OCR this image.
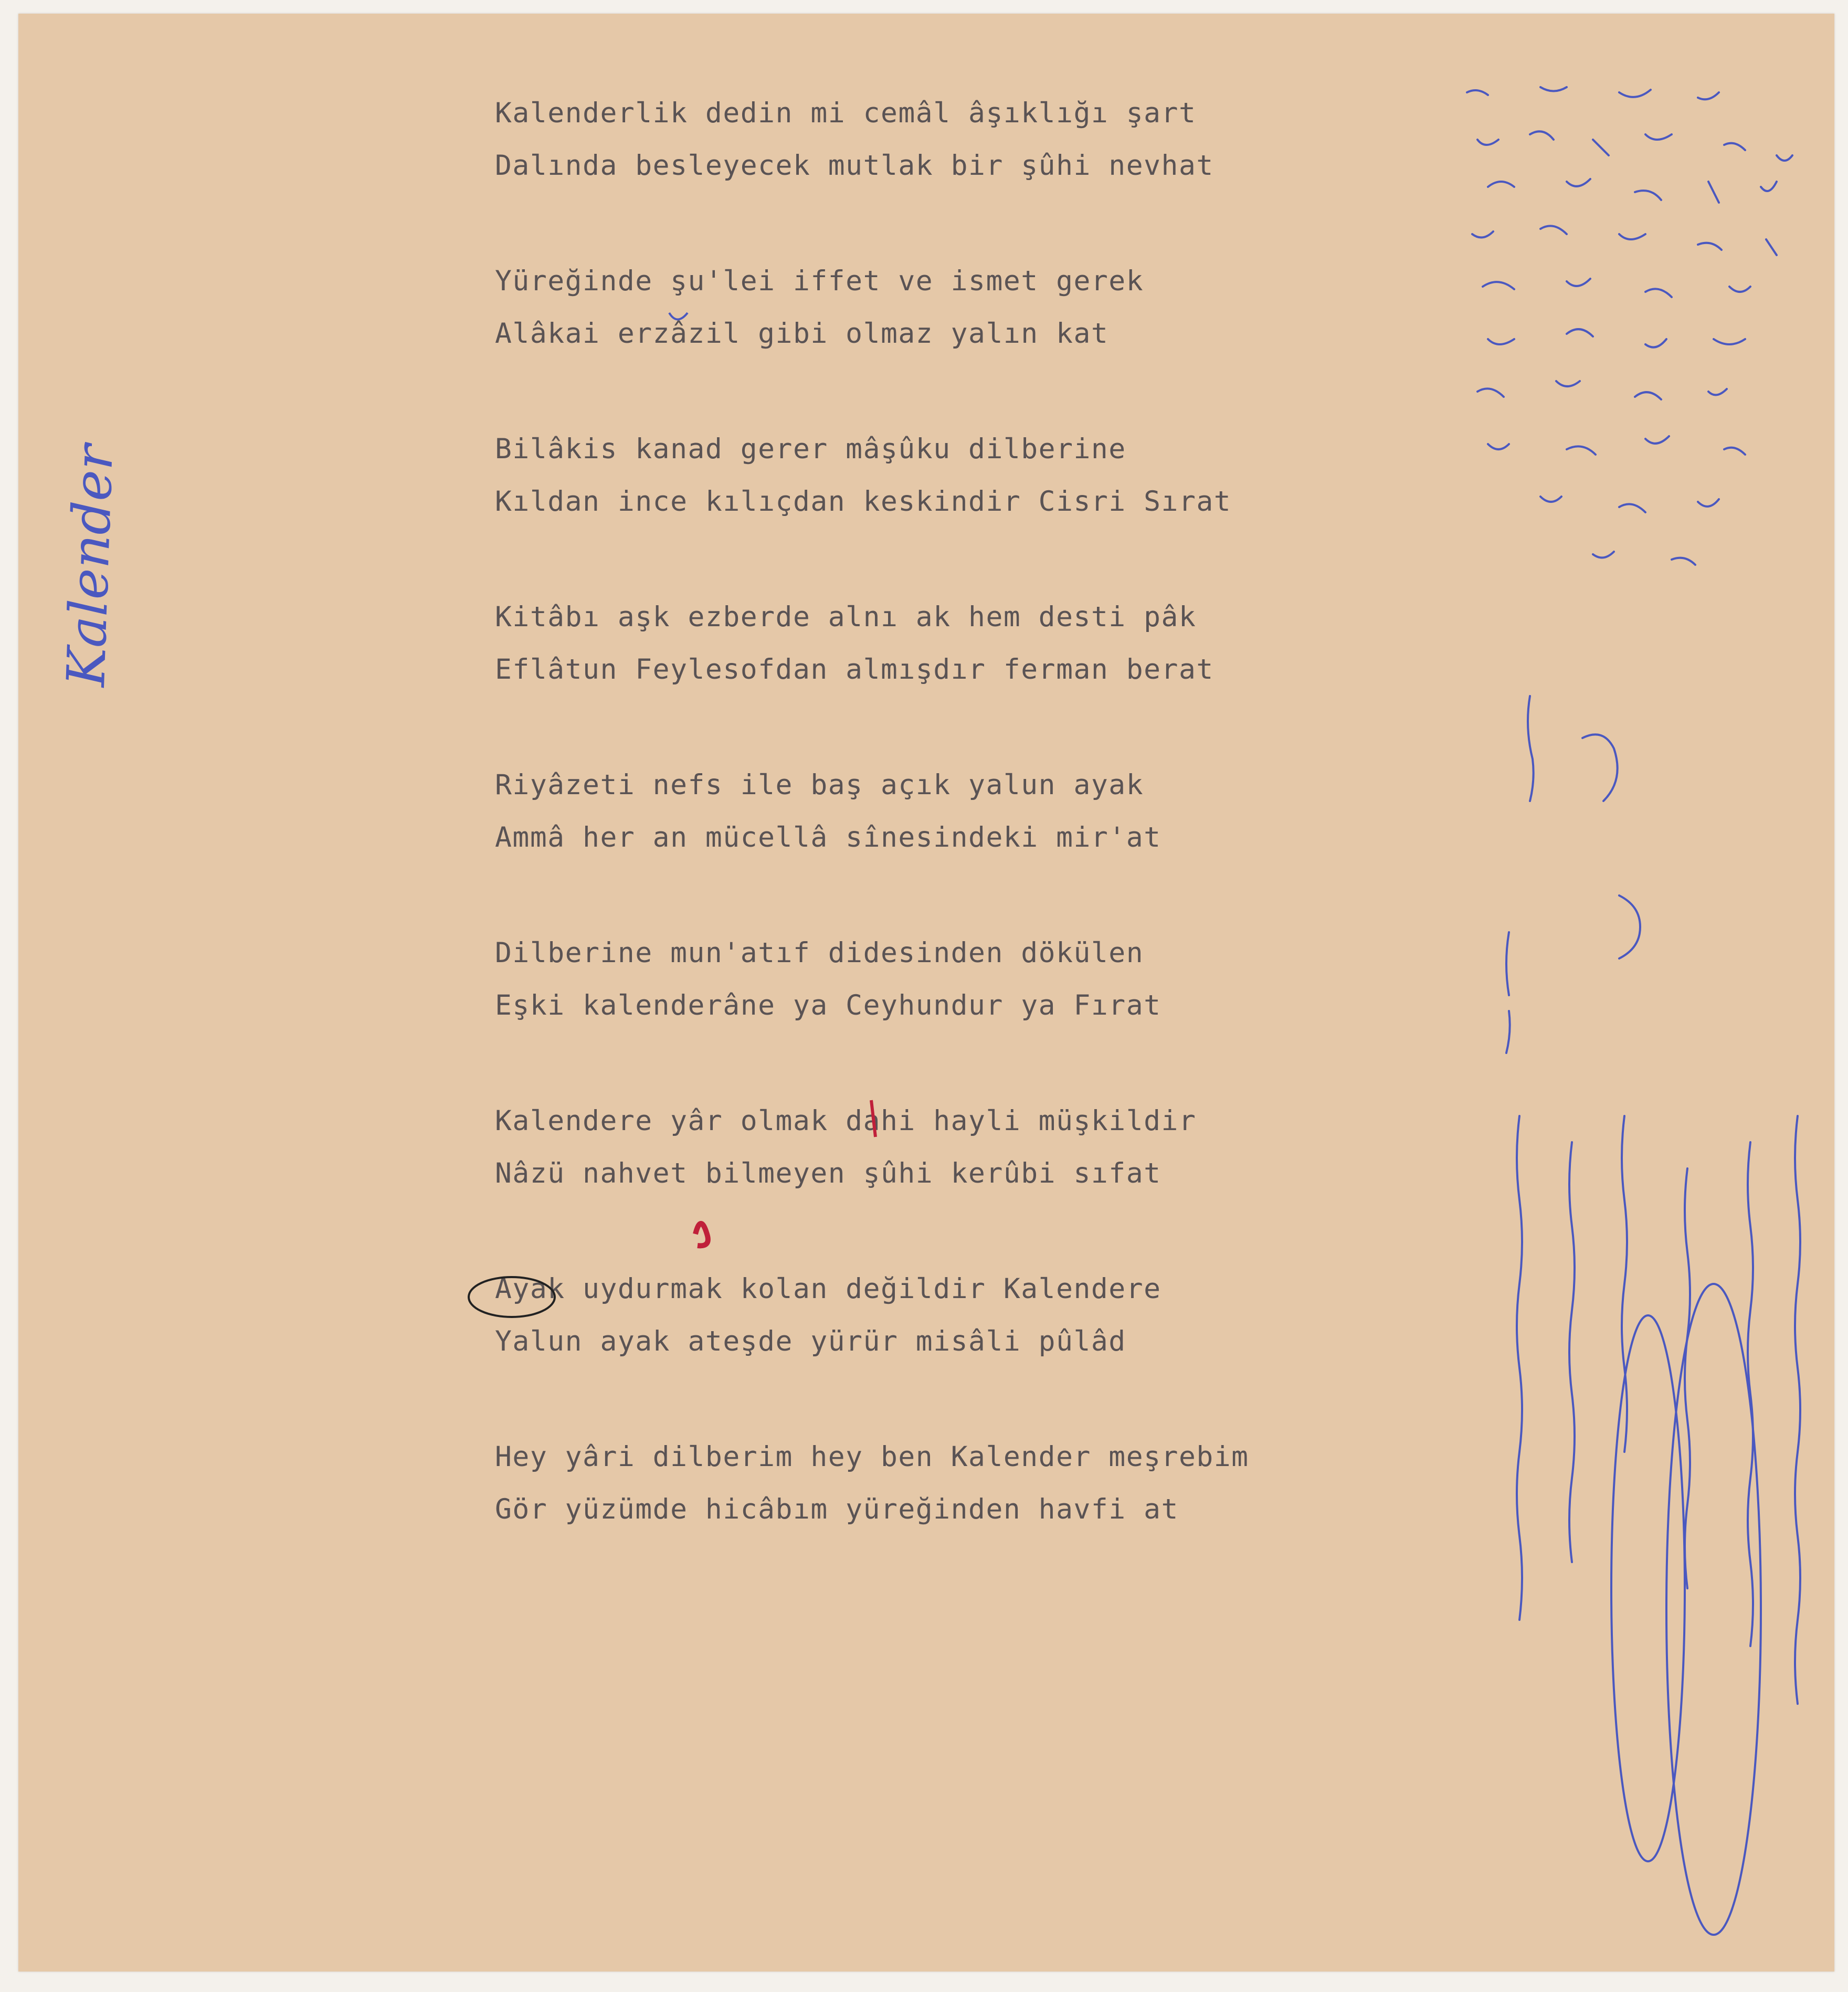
Kalender
Kalenderlik dedin mi cemâl âşıklığı şart
Dalında besleyecek mutlak bir şûhi nevhat
Yüreğinde şu'lei iffet ve ismet gerek
Alâkai erzâzil gibi olmaz yalın kat
Bilâkis kanad gerer mâşûku dilberine
Kıldan ince kılıçdan keskindir Cisri Sırat
Kitâbı aşk ezberde alnı ak hem desti pâk
Eflâtun Feylesofdan almışdır ferman berat
Riyâzeti nefs ile baş açık yalun ayak
Ammâ her an mücellâ sînesindeki mir'at
Dilberine mun'atıf didesinden dökülen
Eşki kalenderâne ya Ceyhundur ya Fırat
Kalendere yâr olmak dahi hayli müşkildir
Nâzü nahvet bilmeyen şûhi kerûbi sıfat
Ayak uydurmak kolan değildir Kalendere
Yalun ayak ateşde yürür misâli pûlâd
Hey yâri dilberim hey ben Kalender meşrebim
Gör yüzümde hicâbım yüreğinden havfi at
